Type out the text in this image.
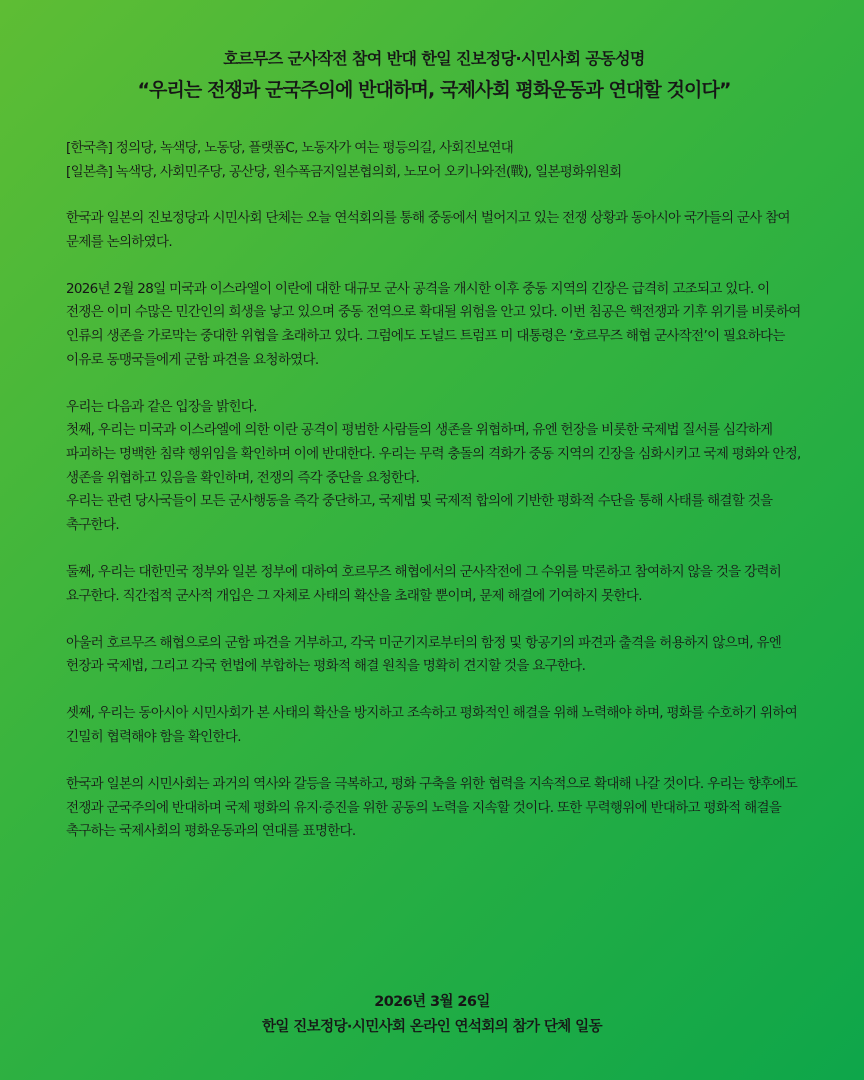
호르무즈 군사작전 참여 반대 한일 진보정당·시민사회 공동성명
“우리는 전쟁과 군국주의에 반대하며, 국제사회 평화운동과 연대할 것이다”
[한국측] 정의당, 녹색당, 노동당, 플랫폼C, 노동자가 여는 평등의길, 사회진보연대
[일본측] 녹색당, 사회민주당, 공산당, 원수폭금지일본협의회, 노모어 오키나와전(戰), 일본평화위원회

한국과 일본의 진보정당과 시민사회 단체는 오늘 연석회의를 통해 중동에서 벌어지고 있는 전쟁 상황과 동아시아 국가들의 군사 참여 문제를 논의하였다.

2026년 2월 28일 미국과 이스라엘이 이란에 대한 대규모 군사 공격을 개시한 이후 중동 지역의 긴장은 급격히 고조되고 있다. 이 전쟁은 이미 수많은 민간인의 희생을 낳고 있으며 중동 전역으로 확대될 위험을 안고 있다. 이번 침공은 핵전쟁과 기후 위기를 비롯하여 인류의 생존을 가로막는 중대한 위협을 초래하고 있다. 그럼에도 도널드 트럼프 미 대통령은 ‘호르무즈 해협 군사작전’이 필요하다는 이유로 동맹국들에게 군함 파견을 요청하였다.

우리는 다음과 같은 입장을 밝힌다.
첫째, 우리는 미국과 이스라엘에 의한 이란 공격이 평범한 사람들의 생존을 위협하며, 유엔 헌장을 비롯한 국제법 질서를 심각하게 파괴하는 명백한 침략 행위임을 확인하며 이에 반대한다. 우리는 무력 충돌의 격화가 중동 지역의 긴장을 심화시키고 국제 평화와 안정, 생존을 위협하고 있음을 확인하며, 전쟁의 즉각 중단을 요청한다.
우리는 관련 당사국들이 모든 군사행동을 즉각 중단하고, 국제법 및 국제적 합의에 기반한 평화적 수단을 통해 사태를 해결할 것을 촉구한다.

둘째, 우리는 대한민국 정부와 일본 정부에 대하여 호르무즈 해협에서의 군사작전에 그 수위를 막론하고 참여하지 않을 것을 강력히 요구한다. 직간접적 군사적 개입은 그 자체로 사태의 확산을 초래할 뿐이며, 문제 해결에 기여하지 못한다.

아울러 호르무즈 해협으로의 군함 파견을 거부하고, 각국 미군기지로부터의 함정 및 항공기의 파견과 출격을 허용하지 않으며, 유엔 헌장과 국제법, 그리고 각국 헌법에 부합하는 평화적 해결 원칙을 명확히 견지할 것을 요구한다.

셋째, 우리는 동아시아 시민사회가 본 사태의 확산을 방지하고 조속하고 평화적인 해결을 위해 노력해야 하며, 평화를 수호하기 위하여 긴밀히 협력해야 함을 확인한다.

한국과 일본의 시민사회는 과거의 역사와 갈등을 극복하고, 평화 구축을 위한 협력을 지속적으로 확대해 나갈 것이다. 우리는 향후에도 전쟁과 군국주의에 반대하며 국제 평화의 유지·증진을 위한 공동의 노력을 지속할 것이다. 또한 무력행위에 반대하고 평화적 해결을 촉구하는 국제사회의 평화운동과의 연대를 표명한다.

2026년 3월 26일
한일 진보정당·시민사회 온라인 연석회의 참가 단체 일동
